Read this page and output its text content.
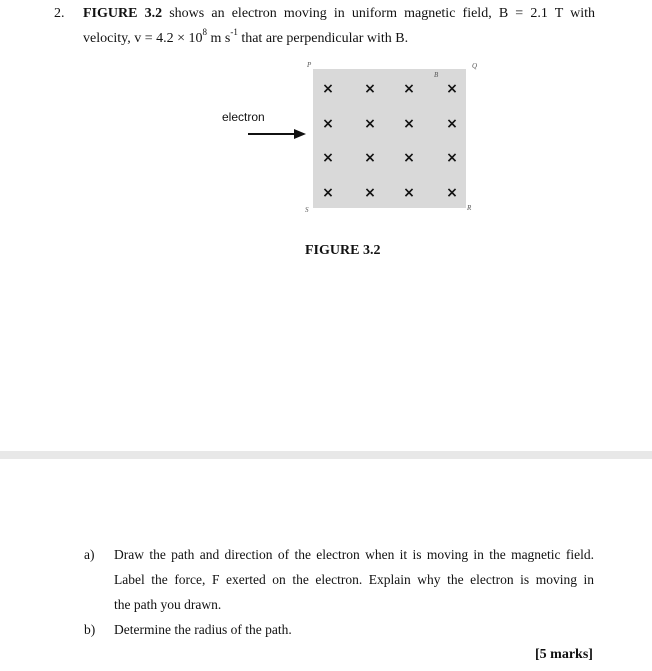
2. FIGURE 3.2 shows an electron moving in uniform magnetic field, B = 2.1 T with
velocity, $v = 4.2 \times 10^8$ m $s^{-1}$ that are perpendicular with B.
× × × ×
× × × ×
× × × ×
× × × ×
P	Q
B
S	R
electron
FIGURE 3.2
a) Draw the path and direction of the electron when it is moving in the magnetic field.
Label the force, F exerted on the electron. Explain why the electron is moving in
the path you drawn.
b) Determine the radius of the path.
[5 marks]
